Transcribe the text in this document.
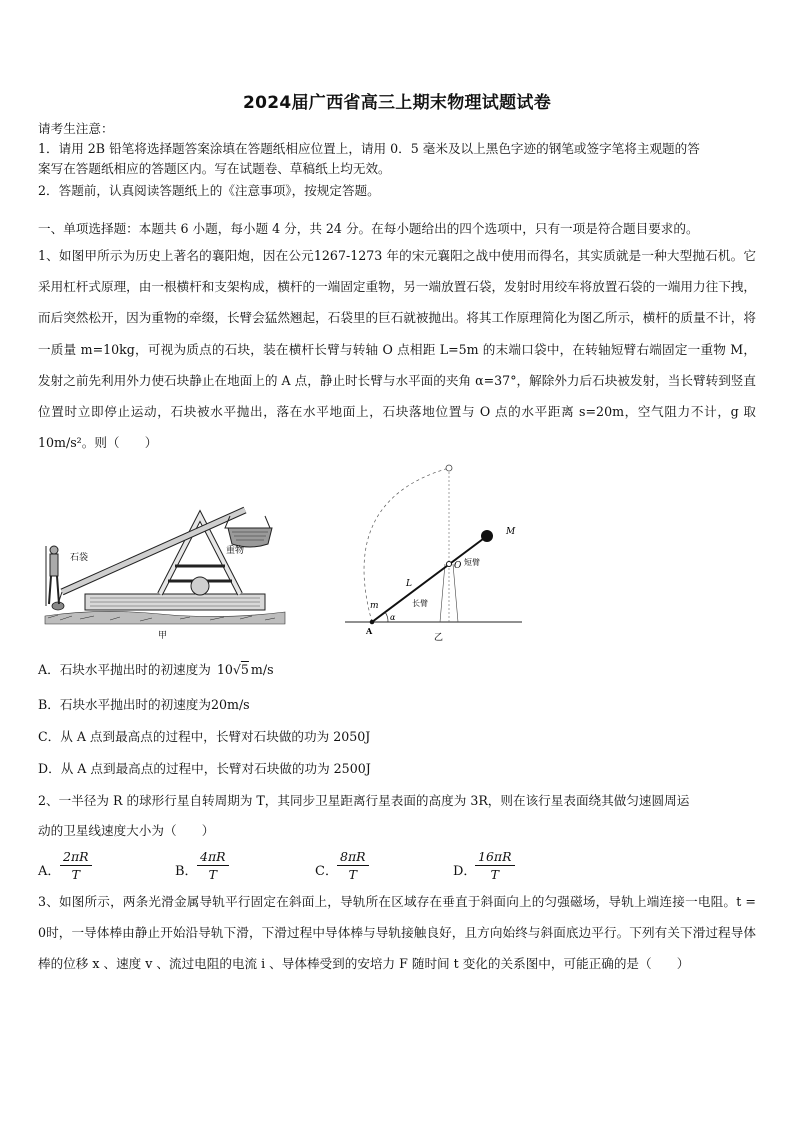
2024届广西省高三上期末物理试题试卷
请考生注意：
1．请用 2B 铅笔将选择题答案涂填在答题纸相应位置上，请用 0．5 毫米及以上黑色字迹的钢笔或签字笔将主观题的答
案写在答题纸相应的答题区内。写在试题卷、草稿纸上均无效。
2．答题前，认真阅读答题纸上的《注意事项》，按规定答题。
一、单项选择题：本题共 6 小题，每小题 4 分，共 24 分。在每小题给出的四个选项中，只有一项是符合题目要求的。
1、如图甲所示为历史上著名的襄阳炮，因在公元1267-1273 年的宋元襄阳之战中使用而得名，其实质就是一种大型抛石机。它采用杠杆式原理，由一根横杆和支架构成，横杆的一端固定重物，另一端放置石袋，发射时用绞车将放置石袋的一端用力往下拽，而后突然松开，因为重物的牵缀，长臂会猛然翘起，石袋里的巨石就被抛出。将其工作原理简化为图乙所示，横杆的质量不计，将一质量 m=10kg，可视为质点的石块，装在横杆长臂与转轴 O 点相距 L=5m 的末端口袋中，在转轴短臂右端固定一重物 M，发射之前先利用外力使石块静止在地面上的 A 点，静止时长臂与水平面的夹角 α=37°，解除外力后石块被发射，当长臂转到竖直位置时立即停止运动，石块被水平抛出，落在水平地面上，石块落地位置与 O 点的水平距离 s=20m，空气阻力不计，g 取 10m/s²。则（　　）
石袋
重物
甲
M
O 短臂
L
长臂
m
α
A
乙
A．石块水平抛出时的初速度为 10√5 m/s
B．石块水平抛出时的初速度为20m/s
C．从 A 点到最高点的过程中，长臂对石块做的功为 2050J
D．从 A 点到最高点的过程中，长臂对石块做的功为 2500J
2、一半径为 R 的球形行星自转周期为 T，其同步卫星距离行星表面的高度为 3R，则在该行星表面绕其做匀速圆周运
动的卫星线速度大小为（　　）
A． $\frac{2\pi R}{T}$	B． $\frac{4\pi R}{T}$	C． $\frac{8\pi R}{T}$	D．
$\frac{16\pi R}{T}$
3、如图所示，两条光滑金属导轨平行固定在斜面上，导轨所在区域存在垂直于斜面向上的匀强磁场，导轨上端连接一电阻。t = 0时，一导体棒由静止开始沿导轨下滑，下滑过程中导体棒与导轨接触良好，且方向始终与斜面底边平行。下列有关下滑过程导体棒的位移 x 、速度 v 、流过电阻的电流 i 、导体棒受到的安培力 F 随时间 t 变化的关系图中，可能正确的是（　　）
